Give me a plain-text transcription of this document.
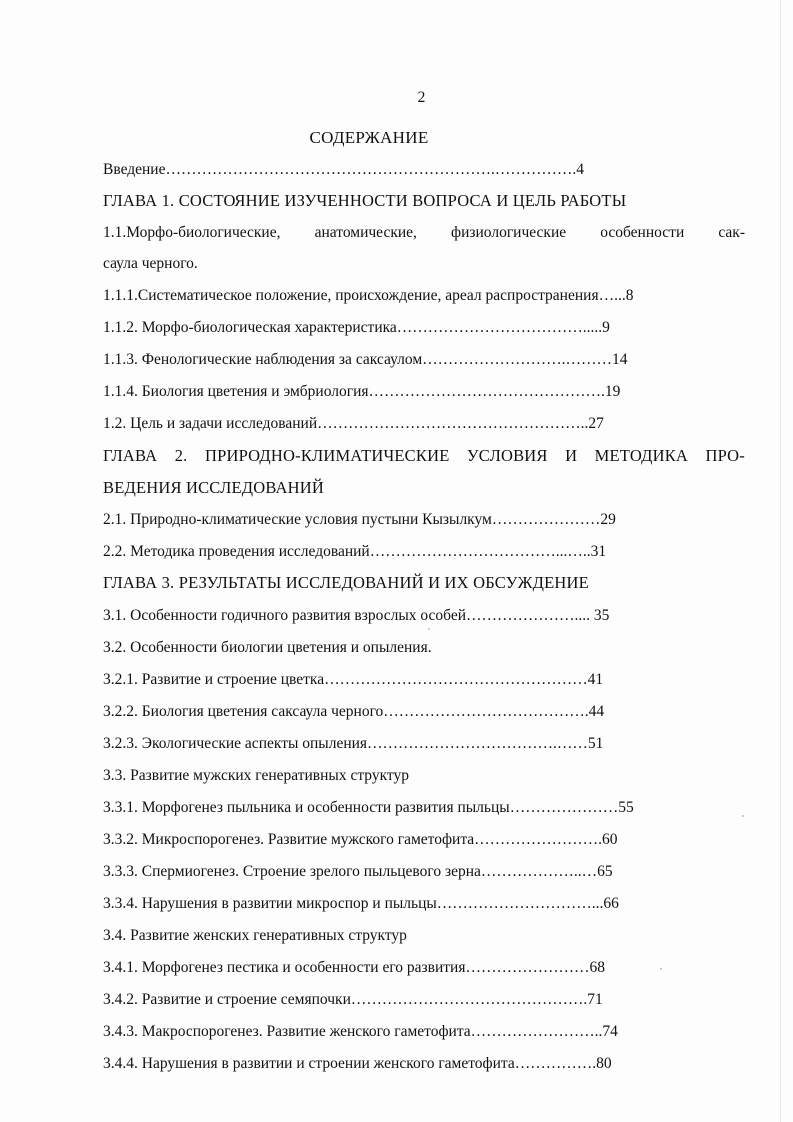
2
СОДЕРЖАНИЕ
Введение……………………………………………………….…………….4
ГЛАВА 1. СОСТОЯНИЕ ИЗУЧЕННОСТИ ВОПРОСА И ЦЕЛЬ РАБОТЫ
1.1.Морфо-биологические, анатомические, физиологические особенности сак-
саула черного.
1.1.1.Систематическое положение, происхождение, ареал распространения…...8
1.1.2. Морфо-биологическая характеристика……………………………….....9
1.1.3. Фенологические наблюдения за саксаулом……………………….………14
1.1.4. Биология цветения и эмбриология……………………………………….19
1.2. Цель и задачи исследований……………………………………………..27
ГЛАВА 2. ПРИРОДНО-КЛИМАТИЧЕСКИЕ УСЛОВИЯ И МЕТОДИКА ПРО-
ВЕДЕНИЯ ИССЛЕДОВАНИЙ
2.1. Природно-климатические условия пустыни Кызылкум…………………29
2.2. Методика проведения исследований………………………………...…..31
ГЛАВА 3. РЕЗУЛЬТАТЫ ИССЛЕДОВАНИЙ И ИХ ОБСУЖДЕНИЕ
3.1. Особенности годичного развития взрослых особей………………….... 35
3.2. Особенности биологии цветения и опыления.
3.2.1. Развитие и строение цветка……………………………………………41
3.2.2. Биология цветения саксаула черного………………………………….44
3.2.3. Экологические аспекты опыления……………………………….……51
3.3. Развитие мужских генеративных структур
3.3.1. Морфогенез пыльника и особенности развития пыльцы…………………55
3.3.2. Микроспорогенез. Развитие мужского гаметофита…………………….60
3.3.3. Спермиогенез. Строение зрелого пыльцевого зерна………………..…65
3.3.4. Нарушения в развитии микроспор и пыльцы…………………………...66
3.4. Развитие женских генеративных структур
3.4.1. Морфогенез пестика и особенности его развития……………………68
3.4.2. Развитие и строение семяпочки……………………………………….71
3.4.3. Макроспорогенез. Развитие женского гаметофита……………………..74
3.4.4. Нарушения в развитии и строении женского гаметофита…………….80
